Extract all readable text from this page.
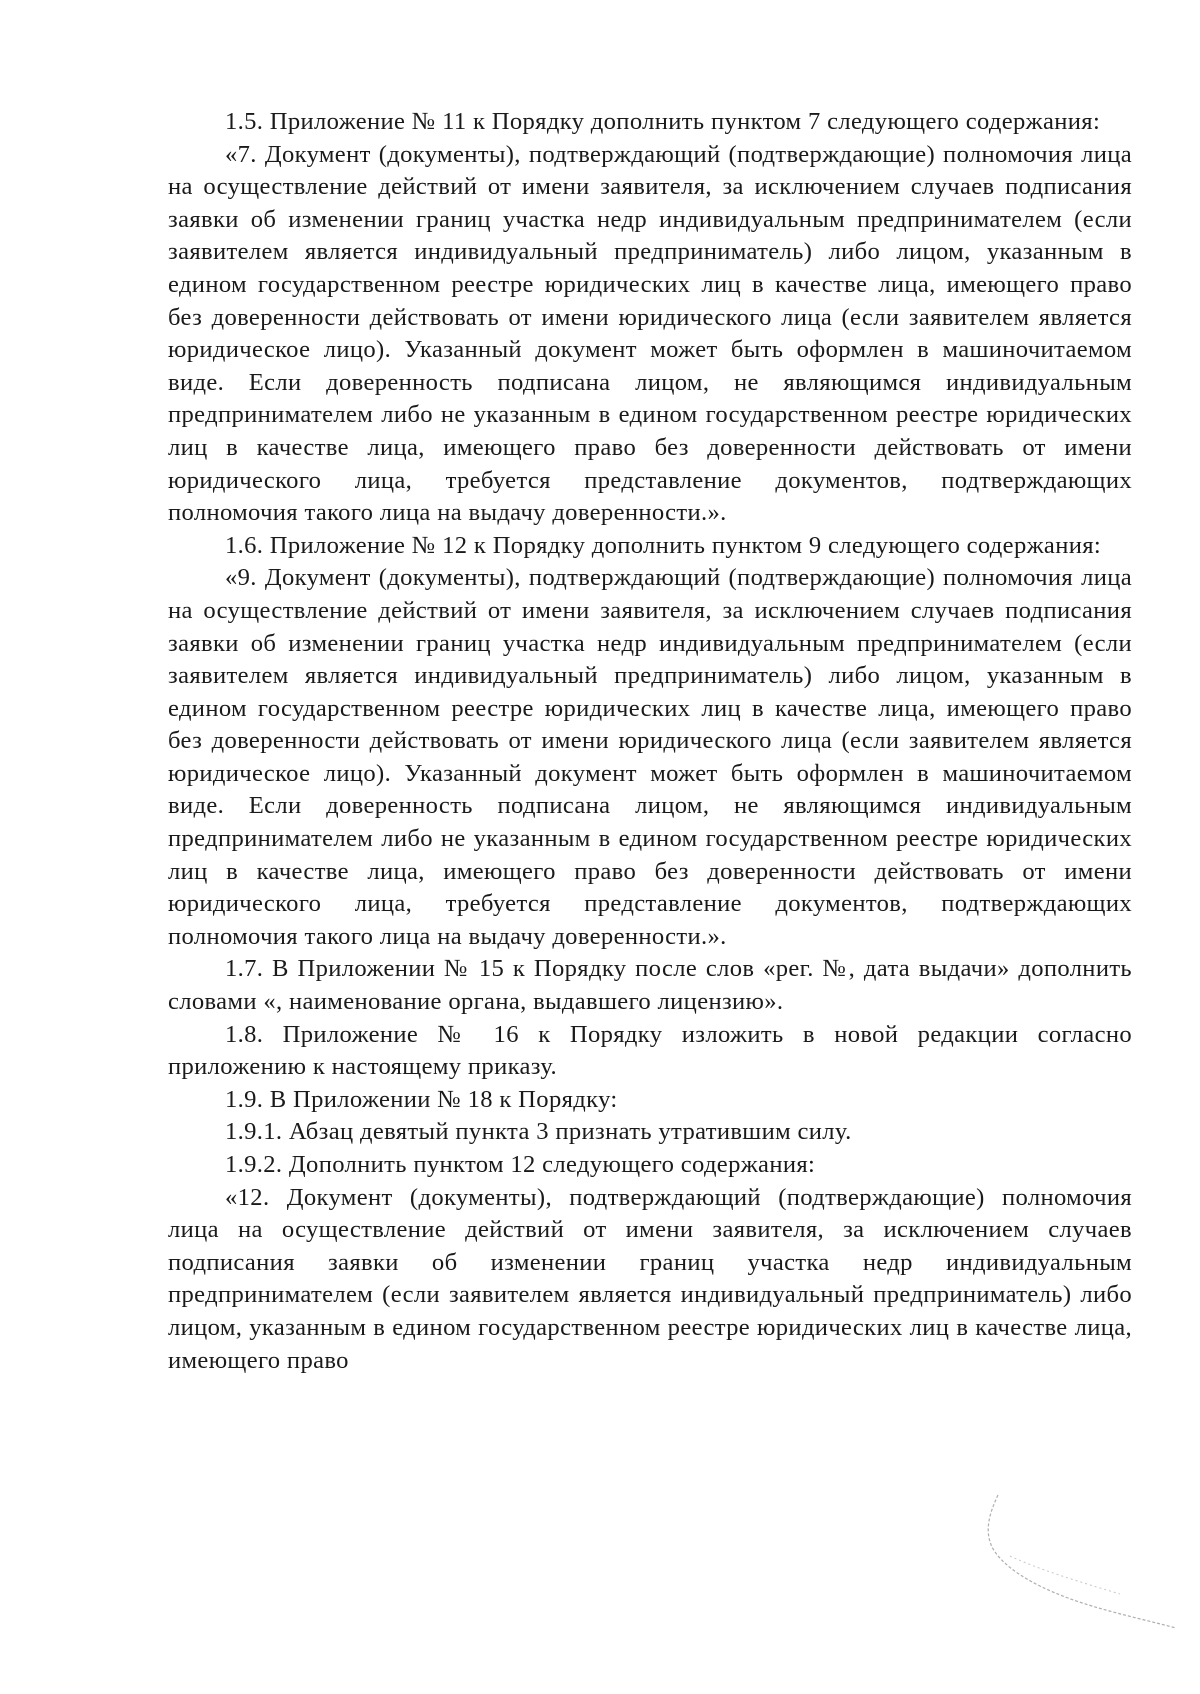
1.5. Приложение № 11 к Порядку дополнить пунктом 7 следующего содержания:

«7. Документ (документы), подтверждающий (подтверждающие) полномочия лица на осуществление действий от имени заявителя, за исключением случаев подписания заявки об изменении границ участка недр индивидуальным предпринимателем (если заявителем является индивидуальный предприниматель) либо лицом, указанным в едином государственном реестре юридических лиц в качестве лица, имеющего право без доверенности действовать от имени юридического лица (если заявителем является юридическое лицо). Указанный документ может быть оформлен в машиночитаемом виде. Если доверенность подписана лицом, не являющимся индивидуальным предпринимателем либо не указанным в едином государственном реестре юридических лиц в качестве лица, имеющего право без доверенности действовать от имени юридического лица, требуется представление документов, подтверждающих полномочия такого лица на выдачу доверенности.».

1.6. Приложение № 12 к Порядку дополнить пунктом 9 следующего содержания:

«9. Документ (документы), подтверждающий (подтверждающие) полномочия лица на осуществление действий от имени заявителя, за исключением случаев подписания заявки об изменении границ участка недр индивидуальным предпринимателем (если заявителем является индивидуальный предприниматель) либо лицом, указанным в едином государственном реестре юридических лиц в качестве лица, имеющего право без доверенности действовать от имени юридического лица (если заявителем является юридическое лицо). Указанный документ может быть оформлен в машиночитаемом виде. Если доверенность подписана лицом, не являющимся индивидуальным предпринимателем либо не указанным в едином государственном реестре юридических лиц в качестве лица, имеющего право без доверенности действовать от имени юридического лица, требуется представление документов, подтверждающих полномочия такого лица на выдачу доверенности.».

1.7. В Приложении № 15 к Порядку после слов «рег. №, дата выдачи» дополнить словами «, наименование органа, выдавшего лицензию».

1.8. Приложение № 16 к Порядку изложить в новой редакции согласно приложению к настоящему приказу.

1.9. В Приложении № 18 к Порядку:

1.9.1. Абзац девятый пункта 3 признать утратившим силу.

1.9.2. Дополнить пунктом 12 следующего содержания:

«12. Документ (документы), подтверждающий (подтверждающие) полномочия лица на осуществление действий от имени заявителя, за исключением случаев подписания заявки об изменении границ участка недр индивидуальным предпринимателем (если заявителем является индивидуальный предприниматель) либо лицом, указанным в едином государственном реестре юридических лиц в качестве лица, имеющего право
